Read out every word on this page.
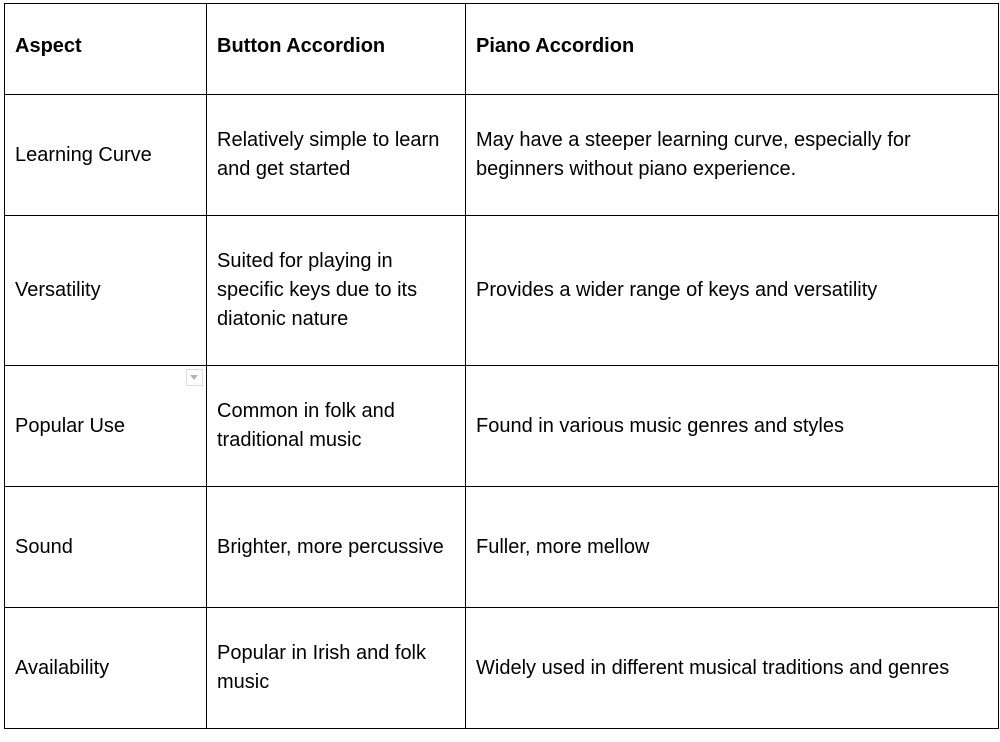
Aspect	Button Accordion	Piano Accordion

Learning Curve	Relatively simple to learn and get started	May have a steeper learning curve, especially for beginners without piano experience.

Versatility	Suited for playing in specific keys due to its diatonic nature	Provides a wider range of keys and versatility

Popular Use	Common in folk and traditional music	Found in various music genres and styles

Sound	Brighter, more percussive	Fuller, more mellow

Availability	Popular in Irish and folk music	Widely used in different musical traditions and genres
